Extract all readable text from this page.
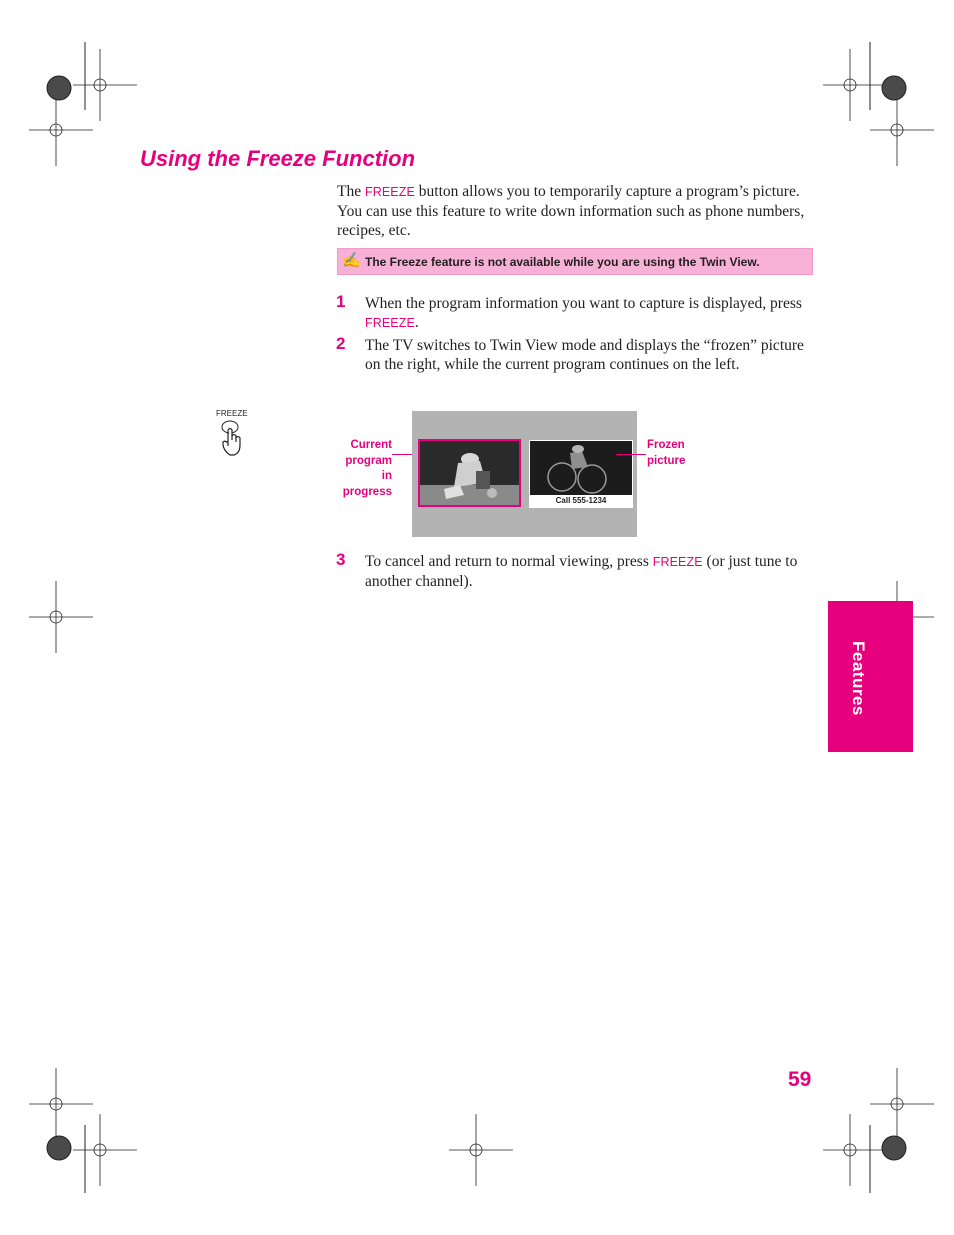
Using the Freeze Function

The FREEZE button allows you to temporarily capture a program’s picture. You can use this feature to write down information such as phone numbers, recipes, etc.

✍ The Freeze feature is not available while you are using the Twin View.
1 When the program information you want to capture is displayed, press FREEZE.

2 The TV switches to Twin View mode and displays the “frozen” picture on the right, while the current program continues on the left.

FREEZE
Current
program
in progress
Call 555-1234
Frozen
picture
3 To cancel and return to normal viewing, press FREEZE (or just tune to another channel).

Features
59
